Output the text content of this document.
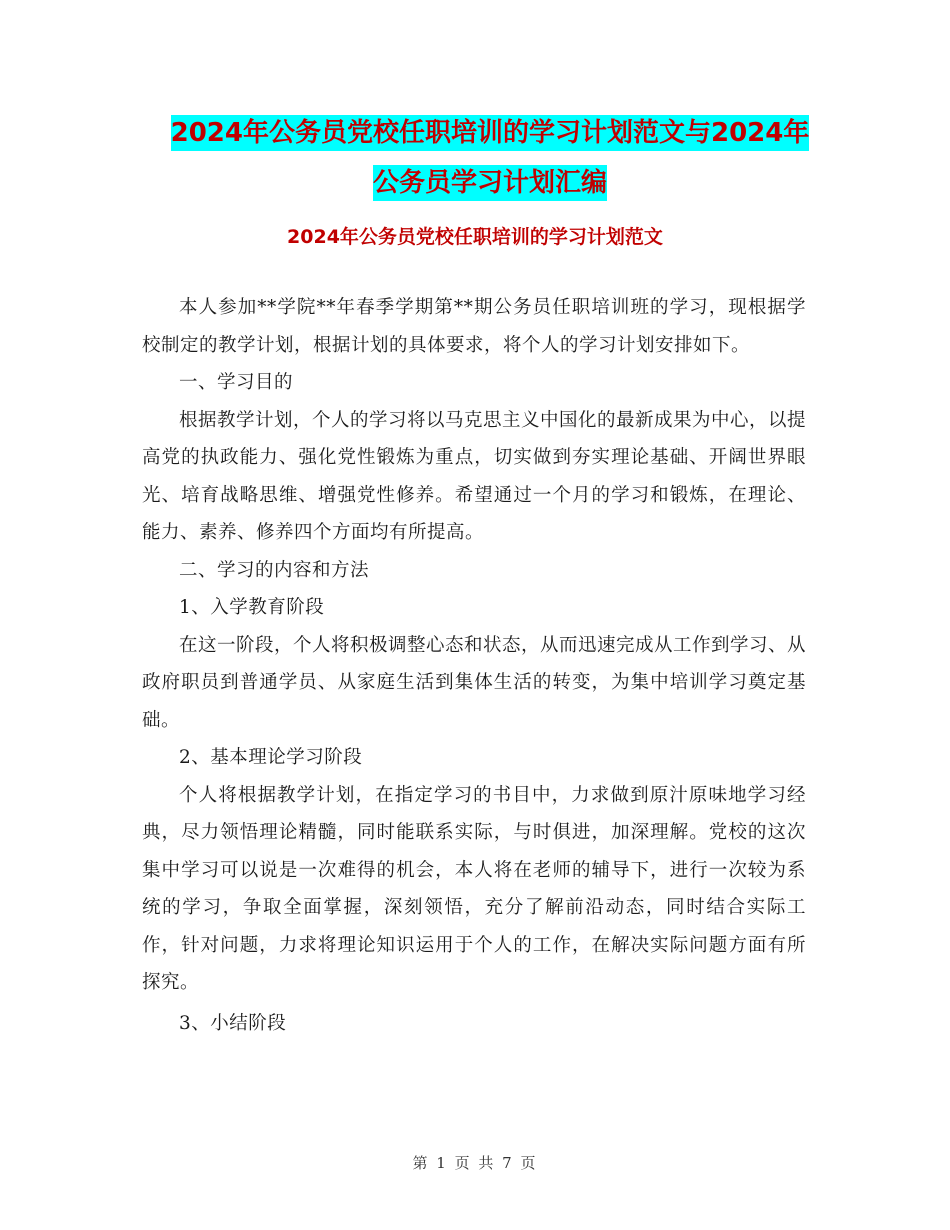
2024年公务员党校任职培训的学习计划范文与2024年
公务员学习计划汇编
2024年公务员党校任职培训的学习计划范文

本人参加**学院**年春季学期第**期公务员任职培训班的学习，现根据学校制定的教学计划，根据计划的具体要求，将个人的学习计划安排如下。

一、学习目的

根据教学计划，个人的学习将以马克思主义中国化的最新成果为中心，以提高党的执政能力、强化党性锻炼为重点，切实做到夯实理论基础、开阔世界眼光、培育战略思维、增强党性修养。希望通过一个月的学习和锻炼，在理论、能力、素养、修养四个方面均有所提高。

二、学习的内容和方法

1、入学教育阶段

在这一阶段，个人将积极调整心态和状态，从而迅速完成从工作到学习、从政府职员到普通学员、从家庭生活到集体生活的转变，为集中培训学习奠定基础。

2、基本理论学习阶段

个人将根据教学计划，在指定学习的书目中，力求做到原汁原味地学习经典，尽力领悟理论精髓，同时能联系实际，与时俱进，加深理解。党校的这次集中学习可以说是一次难得的机会，本人将在老师的辅导下，进行一次较为系统的学习，争取全面掌握，深刻领悟，充分了解前沿动态，同时结合实际工作，针对问题，力求将理论知识运用于个人的工作，在解决实际问题方面有所探究。

3、小结阶段

第 1 页 共 7 页
